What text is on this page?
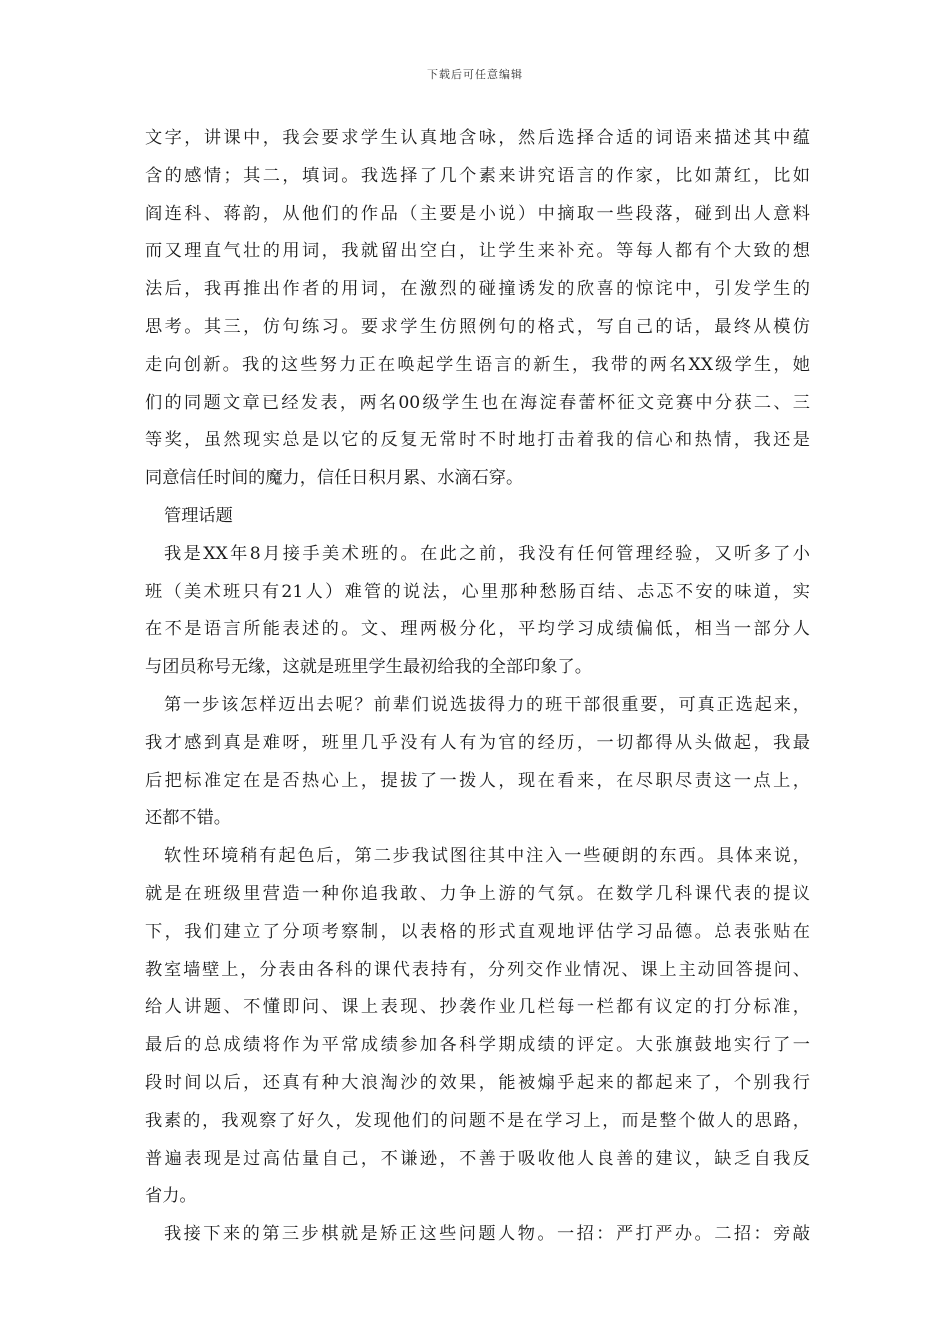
下载后可任意编辑
文字，讲课中，我会要求学生认真地含咏，然后选择合适的词语来描述其中蕴
含的感情；其二，填词。我选择了几个素来讲究语言的作家，比如萧红，比如
阎连科、蒋韵，从他们的作品（主要是小说）中摘取一些段落，碰到出人意料
而又理直气壮的用词，我就留出空白，让学生来补充。等每人都有个大致的想
法后，我再推出作者的用词，在激烈的碰撞诱发的欣喜的惊诧中，引发学生的
思考。其三，仿句练习。要求学生仿照例句的格式，写自己的话，最终从模仿
走向创新。我的这些努力正在唤起学生语言的新生，我带的两名XX级学生，她
们的同题文章已经发表，两名00级学生也在海淀春蕾杯征文竞赛中分获二、三
等奖，虽然现实总是以它的反复无常时不时地打击着我的信心和热情，我还是
同意信任时间的魔力，信任日积月累、水滴石穿。
管理话题
我是XX年8月接手美术班的。在此之前，我没有任何管理经验，又听多了小
班（美术班只有21人）难管的说法，心里那种愁肠百结、忐忑不安的味道，实
在不是语言所能表述的。文、理两极分化，平均学习成绩偏低，相当一部分人
与团员称号无缘，这就是班里学生最初给我的全部印象了。
第一步该怎样迈出去呢？前辈们说选拔得力的班干部很重要，可真正选起来，
我才感到真是难呀，班里几乎没有人有为官的经历，一切都得从头做起，我最
后把标准定在是否热心上，提拔了一拨人，现在看来，在尽职尽责这一点上，
还都不错。
软性环境稍有起色后，第二步我试图往其中注入一些硬朗的东西。具体来说，
就是在班级里营造一种你追我敢、力争上游的气氛。在数学几科课代表的提议
下，我们建立了分项考察制，以表格的形式直观地评估学习品德。总表张贴在
教室墙壁上，分表由各科的课代表持有，分列交作业情况、课上主动回答提问、
给人讲题、不懂即问、课上表现、抄袭作业几栏每一栏都有议定的打分标准，
最后的总成绩将作为平常成绩参加各科学期成绩的评定。大张旗鼓地实行了一
段时间以后，还真有种大浪淘沙的效果，能被煽乎起来的都起来了，个别我行
我素的，我观察了好久，发现他们的问题不是在学习上，而是整个做人的思路，
普遍表现是过高估量自己，不谦逊，不善于吸收他人良善的建议，缺乏自我反
省力。
我接下来的第三步棋就是矫正这些问题人物。一招：严打严办。二招：旁敲
